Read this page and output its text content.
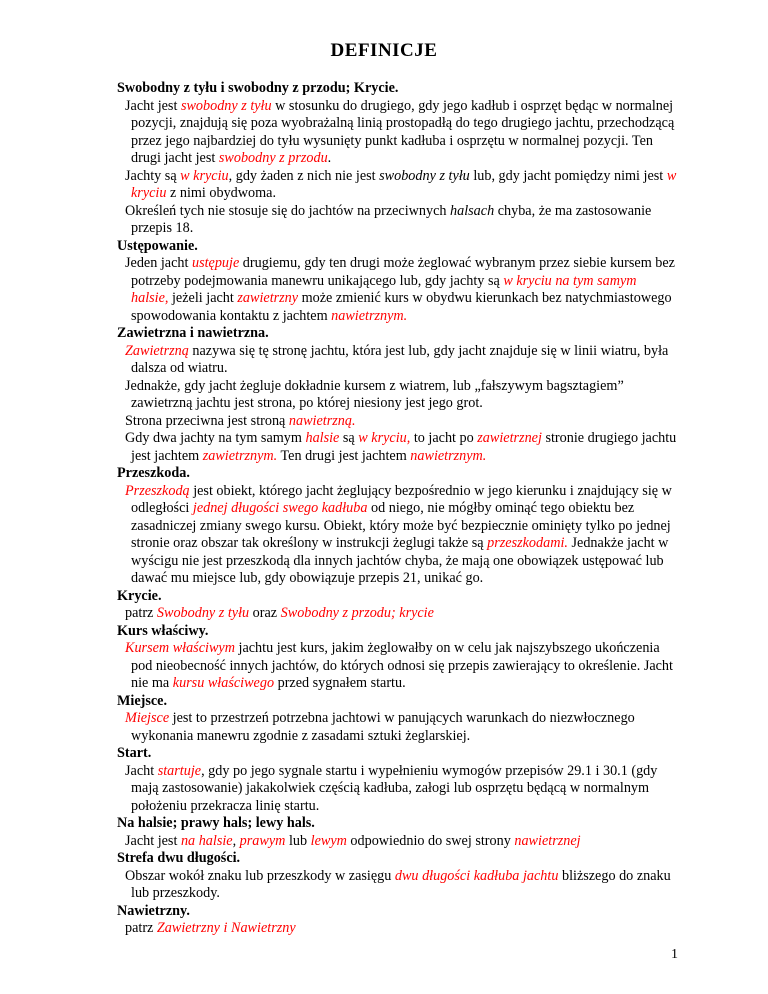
DEFINICJE
Swobodny z tyłu i swobodny z przodu; Krycie.
Jacht jest swobodny z tyłu w stosunku do drugiego, gdy jego kadłub i osprzęt będąc w normalnej pozycji, znajdują się poza wyobrażalną linią prostopadłą do tego drugiego jachtu, przechodzącą przez jego najbardziej do tyłu wysunięty punkt kadłuba i osprzętu w normalnej pozycji. Ten drugi jacht jest swobodny z przodu.
Jachty są w kryciu, gdy żaden z nich nie jest swobodny z tyłu lub, gdy jacht pomiędzy nimi jest w kryciu z nimi obydwoma.
Określeń tych nie stosuje się do jachtów na przeciwnych halsach chyba, że ma zastosowanie przepis 18.
Ustępowanie.
Jeden jacht ustępuje drugiemu, gdy ten drugi może żeglować wybranym przez siebie kursem bez potrzeby podejmowania manewru unikającego lub, gdy jachty są w kryciu na tym samym halsie, jeżeli jacht zawietrzny może zmienić kurs w obydwu kierunkach bez natychmiastowego spowodowania kontaktu z jachtem nawietrznym.
Zawietrzna i nawietrzna.
Zawietrzną nazywa się tę stronę jachtu, która jest lub, gdy jacht znajduje się w linii wiatru, była dalsza od wiatru.
Jednakże, gdy jacht żegluje dokładnie kursem z wiatrem, lub „fałszywym bagsztagiem” zawietrzną jachtu jest strona, po której niesiony jest jego grot.
Strona przeciwna jest stroną nawietrzną.
Gdy dwa jachty na tym samym halsie są w kryciu, to jacht po zawietrznej stronie drugiego jachtu jest jachtem zawietrznym. Ten drugi jest jachtem nawietrznym.
Przeszkoda.
Przeszkodą jest obiekt, którego jacht żeglujący bezpośrednio w jego kierunku i znajdujący się w odległości jednej długości swego kadłuba od niego, nie mógłby ominąć tego obiektu bez zasadniczej zmiany swego kursu. Obiekt, który może być bezpiecznie ominięty tylko po jednej stronie oraz obszar tak określony w instrukcji żeglugi także są przeszkodami. Jednakże jacht w wyścigu nie jest przeszkodą dla innych jachtów chyba, że mają one obowiązek ustępować lub dawać mu miejsce lub, gdy obowiązuje przepis 21, unikać go.
Krycie.
patrz Swobodny z tyłu oraz Swobodny z przodu; krycie
Kurs właściwy.
Kursem właściwym jachtu jest kurs, jakim żeglowałby on w celu jak najszybszego ukończenia pod nieobecność innych jachtów, do których odnosi się przepis zawierający to określenie. Jacht nie ma kursu właściwego przed sygnałem startu.
Miejsce.
Miejsce jest to przestrzeń potrzebna jachtowi w panujących warunkach do niezwłocznego wykonania manewru zgodnie z zasadami sztuki żeglarskiej.
Start.
Jacht startuje, gdy po jego sygnale startu i wypełnieniu wymogów przepisów 29.1 i 30.1 (gdy mają zastosowanie) jakakolwiek częścią kadłuba, załogi lub osprzętu będącą w normalnym położeniu przekracza linię startu.
Na halsie; prawy hals; lewy hals.
Jacht jest na halsie, prawym lub lewym odpowiednio do swej strony nawietrznej
Strefa dwu długości.
Obszar wokół znaku lub przeszkody w zasięgu dwu długości kadłuba jachtu bliższego do znaku lub przeszkody.
Nawietrzny.
patrz Zawietrzny i Nawietrzny
1
